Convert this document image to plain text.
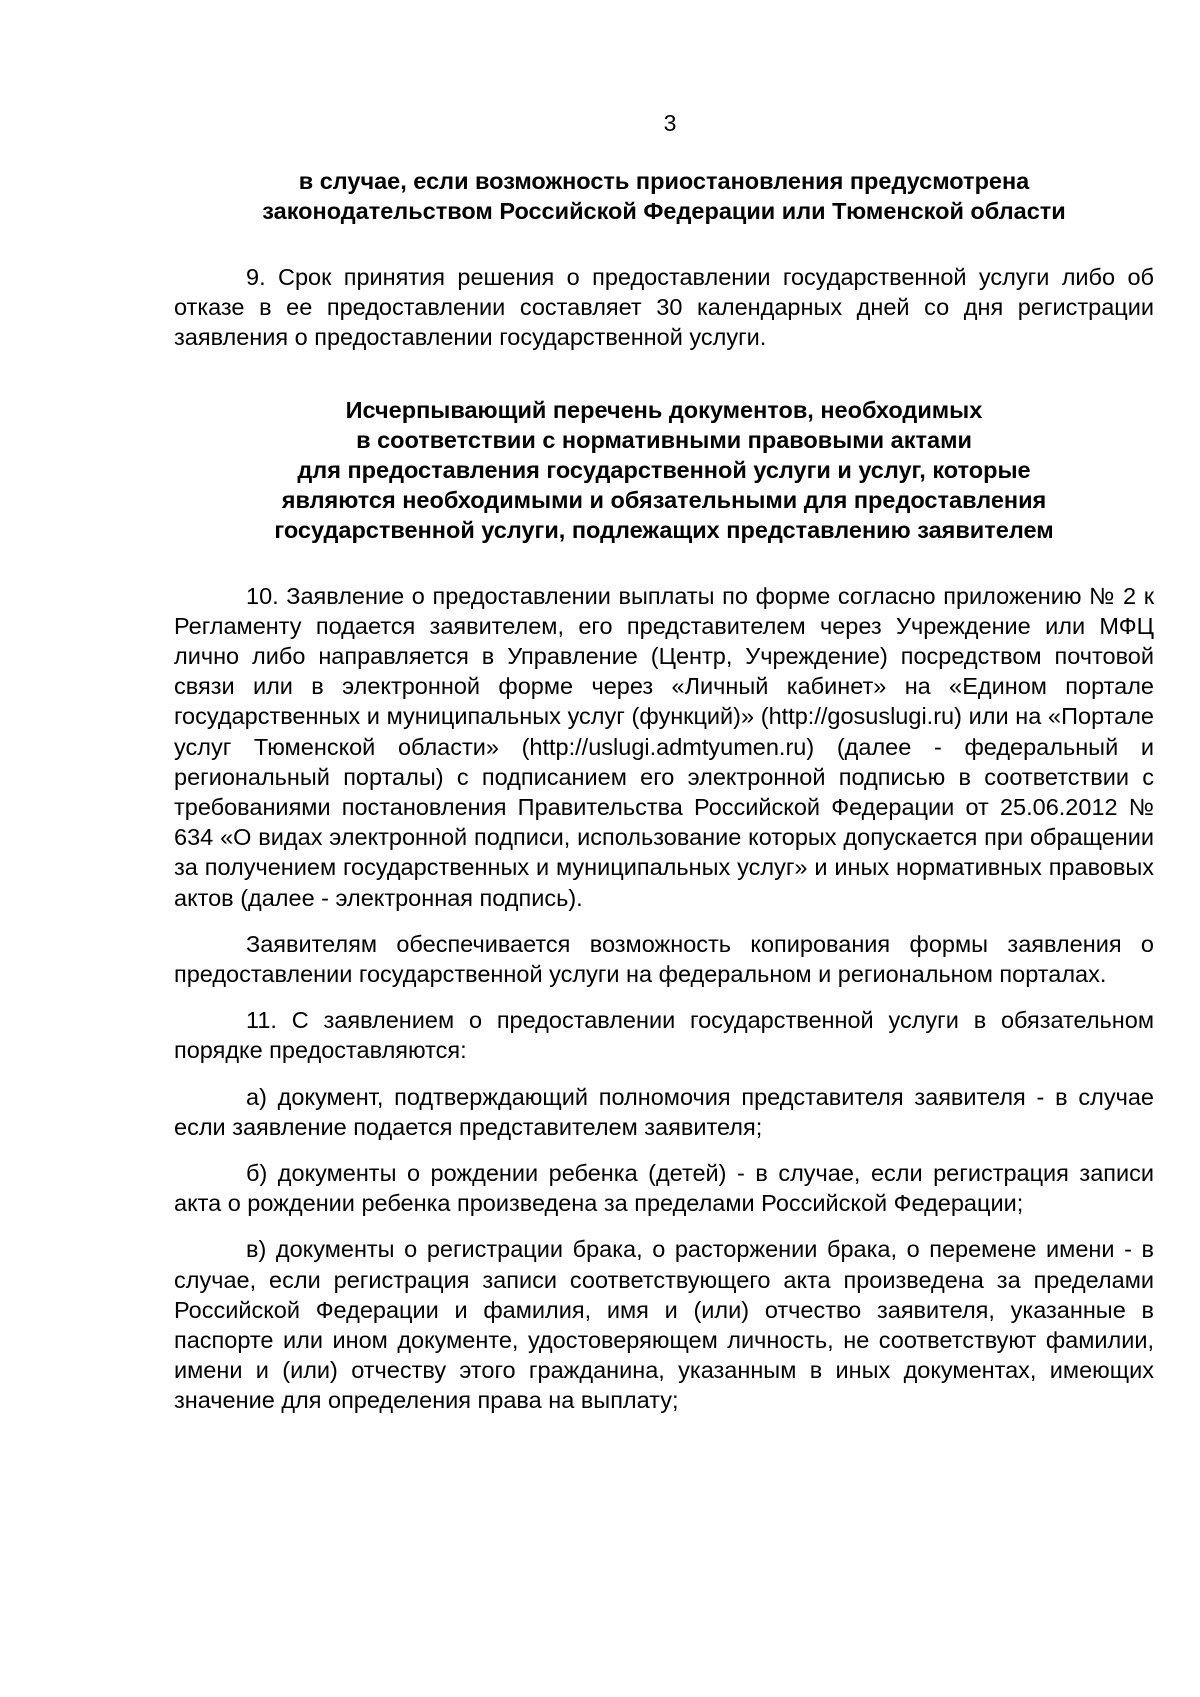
3
в случае, если возможность приостановления предусмотрена
законодательством Российской Федерации или Тюменской области

9. Срок принятия решения о предоставлении государственной услуги либо об отказе в ее предоставлении составляет 30 календарных дней со дня регистрации заявления о предоставлении государственной услуги.

Исчерпывающий перечень документов, необходимых
в соответствии с нормативными правовыми актами
для предоставления государственной услуги и услуг, которые
являются необходимыми и обязательными для предоставления
государственной услуги, подлежащих представлению заявителем

10. Заявление о предоставлении выплаты по форме согласно приложению № 2 к Регламенту подается заявителем, его представителем через Учреждение или МФЦ лично либо направляется в Управление (Центр, Учреждение) посредством почтовой связи или в электронной форме через «Личный кабинет» на «Едином портале государственных и муниципальных услуг (функций)» (http://gosuslugi.ru) или на «Портале услуг Тюменской области» (http://uslugi.admtyumen.ru) (далее - федеральный и региональный порталы) с подписанием его электронной подписью в соответствии с требованиями постановления Правительства Российской Федерации от 25.06.2012 № 634 «О видах электронной подписи, использование которых допускается при обращении за получением государственных и муниципальных услуг» и иных нормативных правовых актов (далее - электронная подпись).

Заявителям обеспечивается возможность копирования формы заявления о предоставлении государственной услуги на федеральном и региональном порталах.

11. С заявлением о предоставлении государственной услуги в обязательном порядке предоставляются:

а) документ, подтверждающий полномочия представителя заявителя - в случае если заявление подается представителем заявителя;

б) документы о рождении ребенка (детей) - в случае, если регистрация записи акта о рождении ребенка произведена за пределами Российской Федерации;

в) документы о регистрации брака, о расторжении брака, о перемене имени - в случае, если регистрация записи соответствующего акта произведена за пределами Российской Федерации и фамилия, имя и (или) отчество заявителя, указанные в паспорте или ином документе, удостоверяющем личность, не соответствуют фамилии, имени и (или) отчеству этого гражданина, указанным в иных документах, имеющих значение для определения права на выплату;
